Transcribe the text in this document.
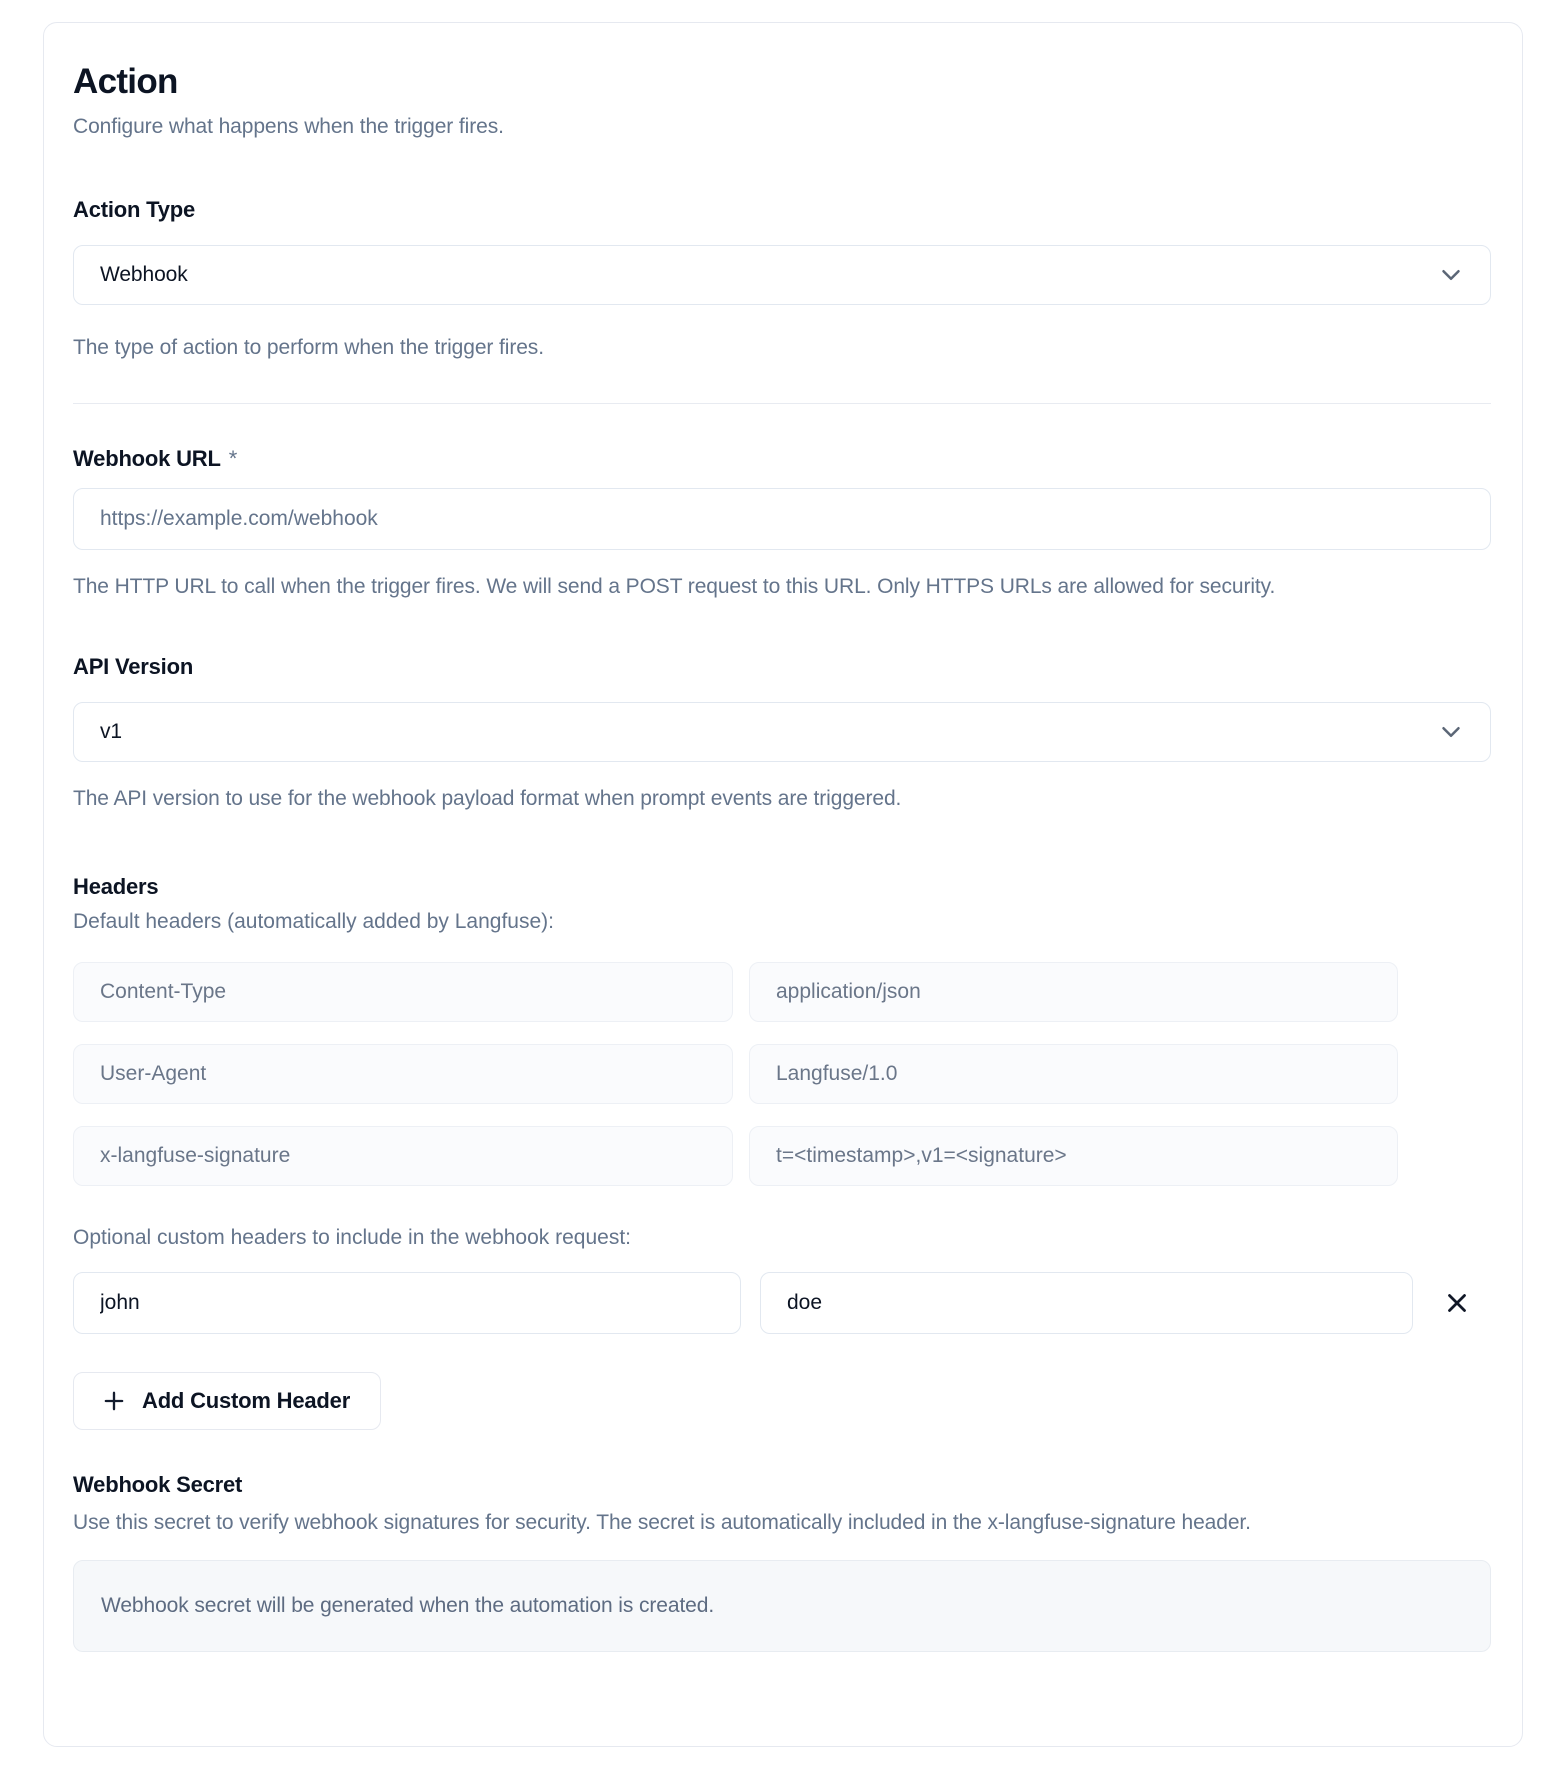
Action

Configure what happens when the trigger fires.

Action Type
Webhook
The type of action to perform when the trigger fires.
Webhook URL *
https://example.com/webhook
The HTTP URL to call when the trigger fires. We will send a POST request to this URL. Only HTTPS URLs are allowed for security.
API Version
v1
The API version to use for the webhook payload format when prompt events are triggered.
Headers
Default headers (automatically added by Langfuse):
Content-Type
application/json
User-Agent
Langfuse/1.0
x-langfuse-signature
t=<timestamp>,v1=<signature>
Optional custom headers to include in the webhook request:
john
doe
Add Custom Header
Webhook Secret
Use this secret to verify webhook signatures for security. The secret is automatically included in the x-langfuse-signature header.
Webhook secret will be generated when the automation is created.
